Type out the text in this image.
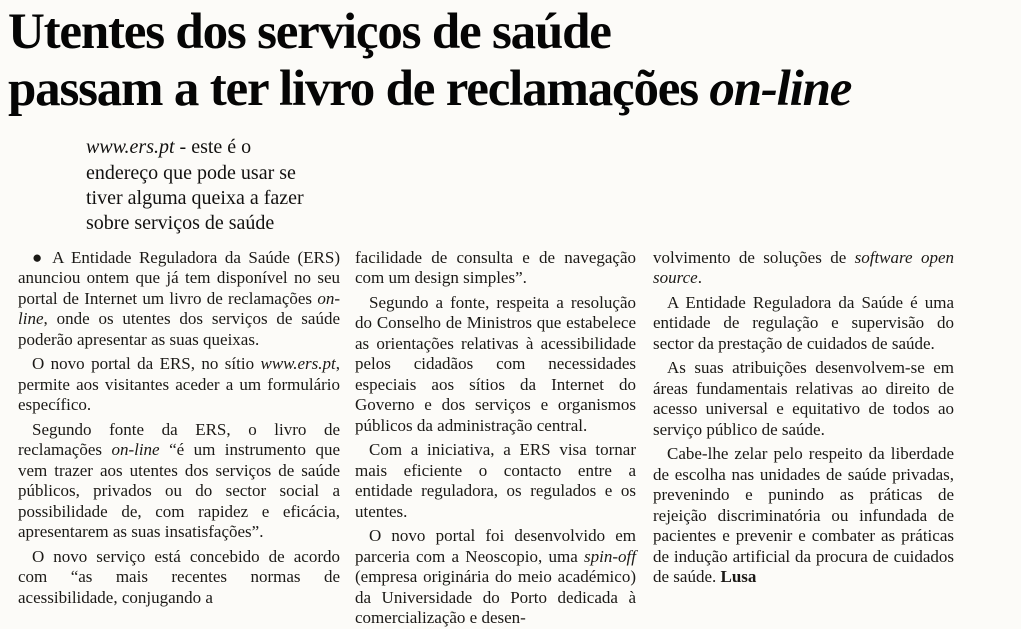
Utentes dos serviços de saúde
passam a ter livro de reclamações on-line

www.ers.pt - este é o endereço que pode usar se tiver alguma queixa a fazer sobre serviços de saúde

● A Entidade Reguladora da Saúde (ERS) anunciou ontem que já tem disponível no seu portal de Internet um livro de reclamações on-line, onde os utentes dos serviços de saúde poderão apresentar as suas queixas.

O novo portal da ERS, no sítio www.ers.pt, permite aos visitantes aceder a um formulário específico.

Segundo fonte da ERS, o livro de reclamações on-line “é um instrumento que vem trazer aos utentes dos serviços de saúde públicos, privados ou do sector social a possibilidade de, com rapidez e eficácia, apresentarem as suas insatisfações”.

O novo serviço está concebido de acordo com “as mais recentes normas de acessibilidade, conjugando a

facilidade de consulta e de navegação com um design simples”.

Segundo a fonte, respeita a resolução do Conselho de Ministros que estabelece as orientações relativas à acessibilidade pelos cidadãos com necessidades especiais aos sítios da Internet do Governo e dos serviços e organismos públicos da administração central.

Com a iniciativa, a ERS visa tornar mais eficiente o contacto entre a entidade reguladora, os regulados e os utentes.

O novo portal foi desenvolvido em parceria com a Neoscopio, uma spin-off (empresa originária do meio académico) da Universidade do Porto dedicada à comercialização e desen-

volvimento de soluções de software open source.

A Entidade Reguladora da Saúde é uma entidade de regulação e supervisão do sector da prestação de cuidados de saúde.

As suas atribuições desenvolvem-se em áreas fundamentais relativas ao direito de acesso universal e equitativo de todos ao serviço público de saúde.

Cabe-lhe zelar pelo respeito da liberdade de escolha nas unidades de saúde privadas, prevenindo e punindo as práticas de rejeição discriminatória ou infundada de pacientes e prevenir e combater as práticas de indução artificial da procura de cuidados de saúde. Lusa
